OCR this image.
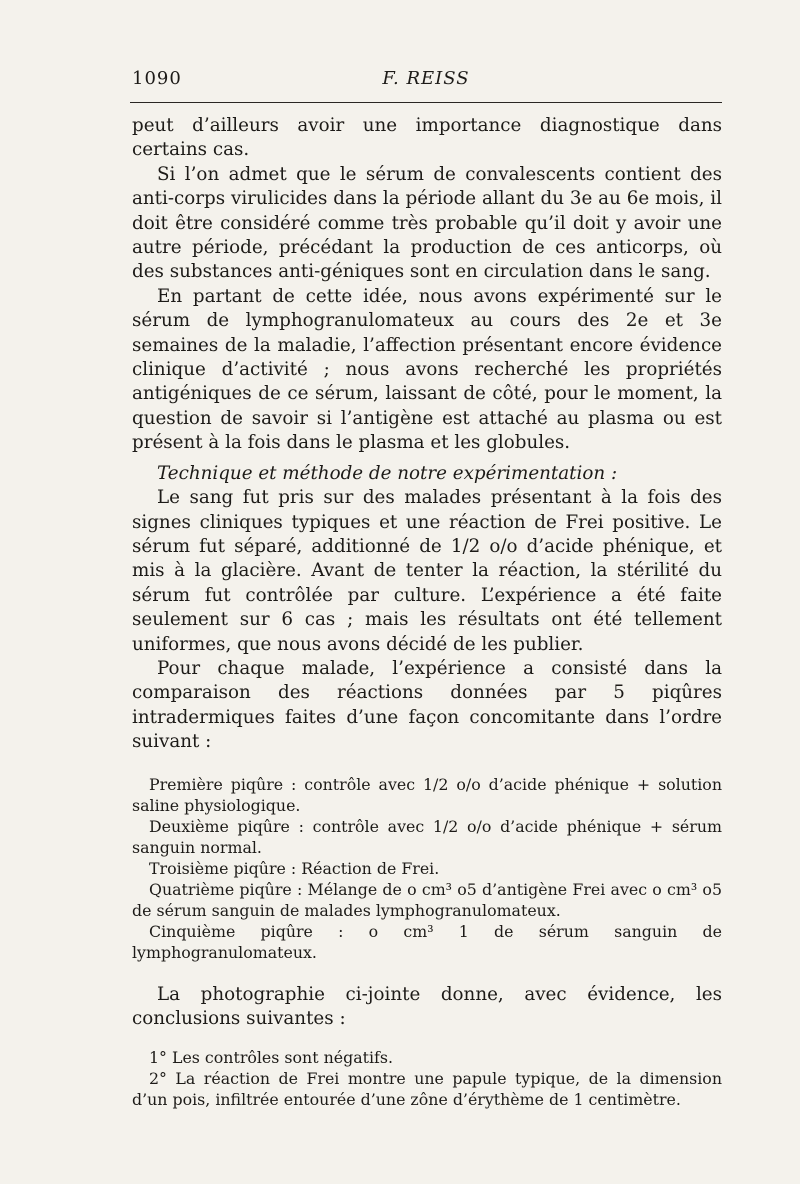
1090	F. REISS

peut d’ailleurs avoir une importance diagnostique dans certains cas.

Si l’on admet que le sérum de convalescents contient des anti-corps virulicides dans la période allant du 3e au 6e mois, il doit être considéré comme très probable qu’il doit y avoir une autre période, précédant la production de ces anticorps, où des substances anti-géniques sont en circulation dans le sang.

En partant de cette idée, nous avons expérimenté sur le sérum de lymphogranulomateux au cours des 2e et 3e semaines de la maladie, l’affection présentant encore évidence clinique d’activité ; nous avons recherché les propriétés antigéniques de ce sérum, laissant de côté, pour le moment, la question de savoir si l’antigène est attaché au plasma ou est présent à la fois dans le plasma et les globules.

Technique et méthode de notre expérimentation :

Le sang fut pris sur des malades présentant à la fois des signes cliniques typiques et une réaction de Frei positive. Le sérum fut séparé, additionné de 1/2 o/o d’acide phénique, et mis à la glacière. Avant de tenter la réaction, la stérilité du sérum fut contrôlée par culture. L’expérience a été faite seulement sur 6 cas ; mais les résultats ont été tellement uniformes, que nous avons décidé de les publier.

Pour chaque malade, l’expérience a consisté dans la comparaison des réactions données par 5 piqûres intradermiques faites d’une façon concomitante dans l’ordre suivant :

Première piqûre : contrôle avec 1/2 o/o d’acide phénique + solution saline physiologique.

Deuxième piqûre : contrôle avec 1/2 o/o d’acide phénique + sérum sanguin normal.

Troisième piqûre : Réaction de Frei.

Quatrième piqûre : Mélange de o cm³ o5 d’antigène Frei avec o cm³ o5 de sérum sanguin de malades lymphogranulomateux.

Cinquième piqûre : o cm³ 1 de sérum sanguin de lymphogranulomateux.

La photographie ci-jointe donne, avec évidence, les conclusions suivantes :

1° Les contrôles sont négatifs.

2° La réaction de Frei montre une papule typique, de la dimension d’un pois, infiltrée entourée d’une zône d’érythème de 1 centimètre.
